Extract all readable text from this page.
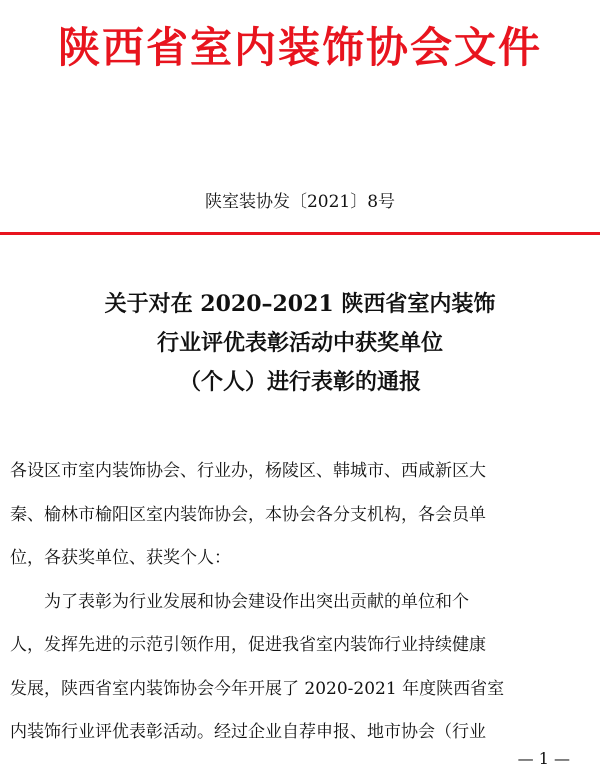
陕西省室内装饰协会文件
陕室装协发〔2021〕8号
关于对在 2020–2021 陕西省室内装饰
行业评优表彰活动中获奖单位
（个人）进行表彰的通报
各设区市室内装饰协会、行业办，杨陵区、韩城市、西咸新区大
秦、榆林市榆阳区室内装饰协会，本协会各分支机构，各会员单
位，各获奖单位、获奖个人：
　　为了表彰为行业发展和协会建设作出突出贡献的单位和个
人，发挥先进的示范引领作用，促进我省室内装饰行业持续健康
发展，陕西省室内装饰协会今年开展了 2020-2021 年度陕西省室
内装饰行业评优表彰活动。经过企业自荐申报、地市协会（行业
— 1 —
